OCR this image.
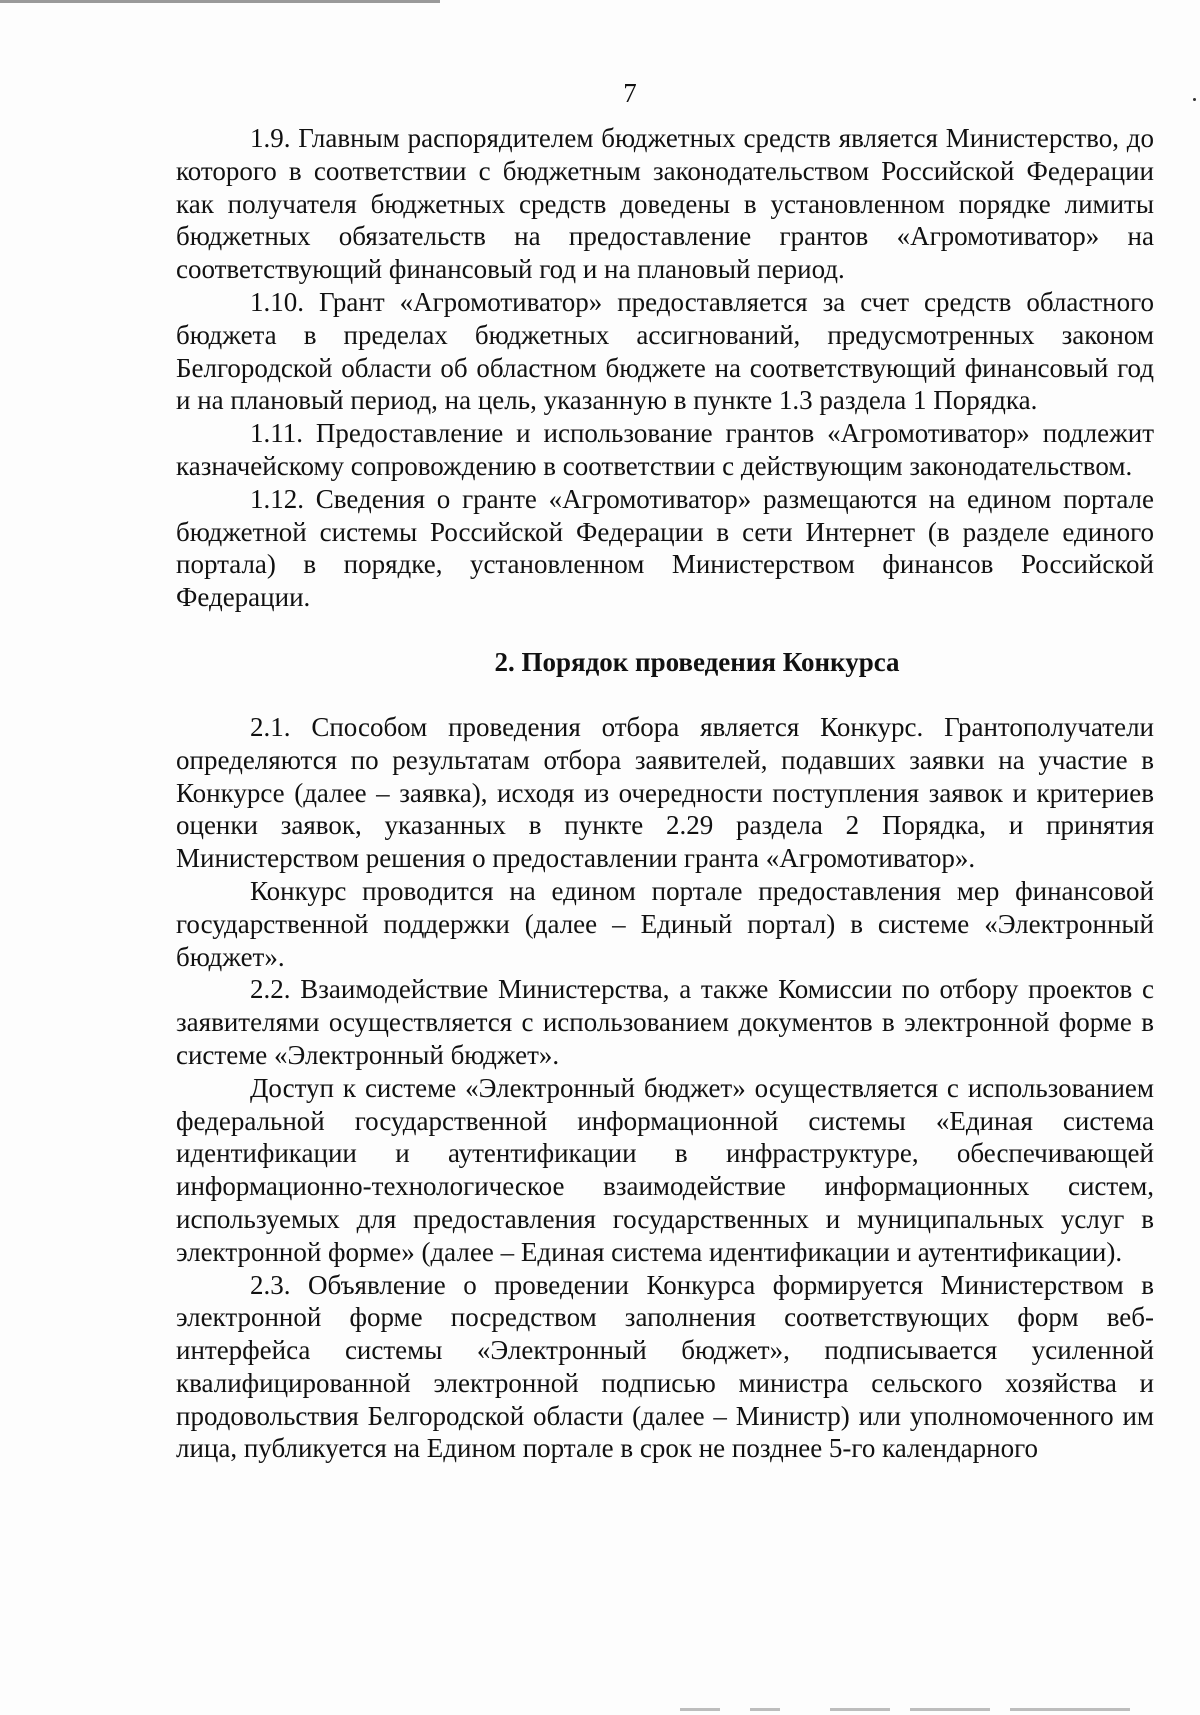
7

1.9. Главным распорядителем бюджетных средств является Министерство, до которого в соответствии с бюджетным законодательством Российской Федерации как получателя бюджетных средств доведены в установленном порядке лимиты бюджетных обязательств на предоставление грантов «Агромотиватор» на соответствующий финансовый год и на плановый период.

1.10. Грант «Агромотиватор» предоставляется за счет средств областного бюджета в пределах бюджетных ассигнований, предусмотренных законом Белгородской области об областном бюджете на соответствующий финансовый год и на плановый период, на цель, указанную в пункте 1.3 раздела 1 Порядка.

1.11. Предоставление и использование грантов «Агромотиватор» подлежит казначейскому сопровождению в соответствии с действующим законодательством.

1.12. Сведения о гранте «Агромотиватор» размещаются на едином портале бюджетной системы Российской Федерации в сети Интернет (в разделе единого портала) в порядке, установленном Министерством финансов Российской Федерации.

2. Порядок проведения Конкурса

2.1. Способом проведения отбора является Конкурс. Грантополучатели определяются по результатам отбора заявителей, подавших заявки на участие в Конкурсе (далее – заявка), исходя из очередности поступления заявок и критериев оценки заявок, указанных в пункте 2.29 раздела 2 Порядка, и принятия Министерством решения о предоставлении гранта «Агромотиватор».

Конкурс проводится на едином портале предоставления мер финансовой государственной поддержки (далее – Единый портал) в системе «Электронный бюджет».

2.2. Взаимодействие Министерства, а также Комиссии по отбору проектов с заявителями осуществляется с использованием документов в электронной форме в системе «Электронный бюджет».

Доступ к системе «Электронный бюджет» осуществляется с использованием федеральной государственной информационной системы «Единая система идентификации и аутентификации в инфраструктуре, обеспечивающей информационно-технологическое взаимодействие информационных систем, используемых для предоставления государственных и муниципальных услуг в электронной форме» (далее – Единая система идентификации и аутентификации).

2.3. Объявление о проведении Конкурса формируется Министерством в электронной форме посредством заполнения соответствующих форм веб-интерфейса системы «Электронный бюджет», подписывается усиленной квалифицированной электронной подписью министра сельского хозяйства и продовольствия Белгородской области (далее – Министр) или уполномоченного им лица, публикуется на Едином портале в срок не позднее 5-го календарного
